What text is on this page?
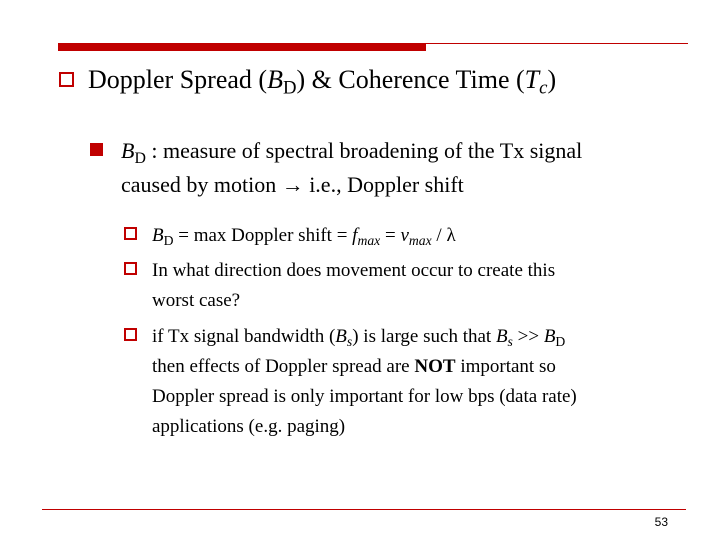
Doppler Spread $(B_D)$ & Coherence Time $(T_c)$
$B_D$ : measure of spectral broadening of the Tx signal
caused by motion → i.e., Doppler shift
$B_D = \max$ Doppler shift = $f_{max} = v_{max} / \lambda$
In what direction does movement occur to create this
worst case?
if Tx signal bandwidth $(B_s)$ is large such that $B_s >> B_D$
then effects of Doppler spread are NOT important so
Doppler spread is only important for low bps (data rate)
applications (e.g. paging)
53
